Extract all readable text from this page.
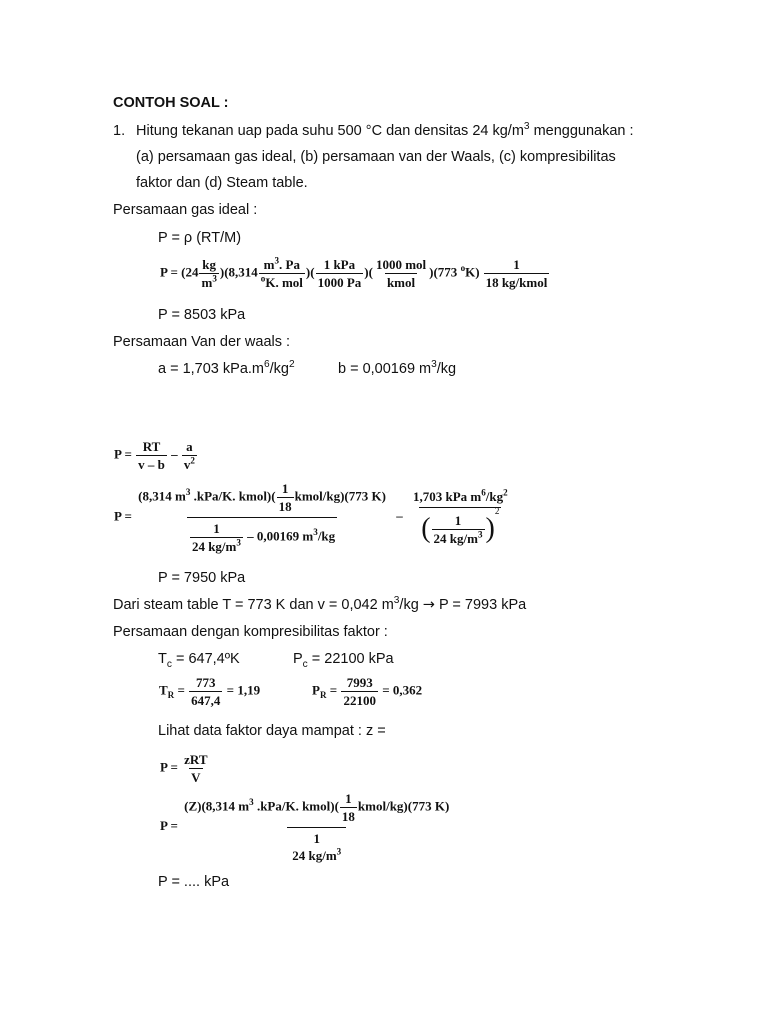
CONTOH SOAL :
1. Hitung tekanan uap pada suhu 500 °C dan densitas 24 $kg/m^3$ menggunakan :
(a) persamaan gas ideal, (b) persamaan van der Waals, (c) kompresibilitas
faktor dan (d) Steam table.
Persamaan gas ideal :
P = ρ (RT/M)
$P = (24 \frac{kg}{m^3} )(8,314 \frac{m^3. Pa}{^oK. mol}$ )( $\frac{\text{1 kPa}}{1000 Pa}$ )( $\frac{\text{1000 mol}}{\text{kmol}} )(773$ $^oK) \frac{1}{\text{18 kg/kmol}}$
P = 8503 kPa
Persamaan Van der waals :
a = 1,703 $kPa.m^6/kg^2$	b = 0,00169 $m^3/kg$
$P = \frac{RT}{v - b} - \frac{a}{v^2}$
$P = \frac{(8,314 m^3 .kPa/K. kmol)( \frac{1}{18} kmol/kg)(773 K)}{\frac{1}{24 kg/m^3} - 0,00169 m^3/kg} - \frac{1,703 kPa m^6/kg^2}{( \frac{1}{24 kg/m^3} )^2}$
P = 7950 kPa
Dari steam table T = 773 K dan v = 0,042 $m^3/kg \to P = 7993$ kPa
Persamaan dengan kompresibilitas faktor :
$T_c$ = 647,4ºK	$P_c = 22100$ kPa
$T_R = \frac{773}{647,4} = 1,19$	$P_R = \frac{7993}{22100} = 0,362$
Lihat data faktor daya mampat : z =
$P = \frac{\text{zRT}}{V}$
P = (Z)(8,314 $m^3$ .kPa/K. kmol)( $\frac{1}{18}$ kmol/kg)(773 K)
1
24 $kg/m^3$
P = .... kPa
